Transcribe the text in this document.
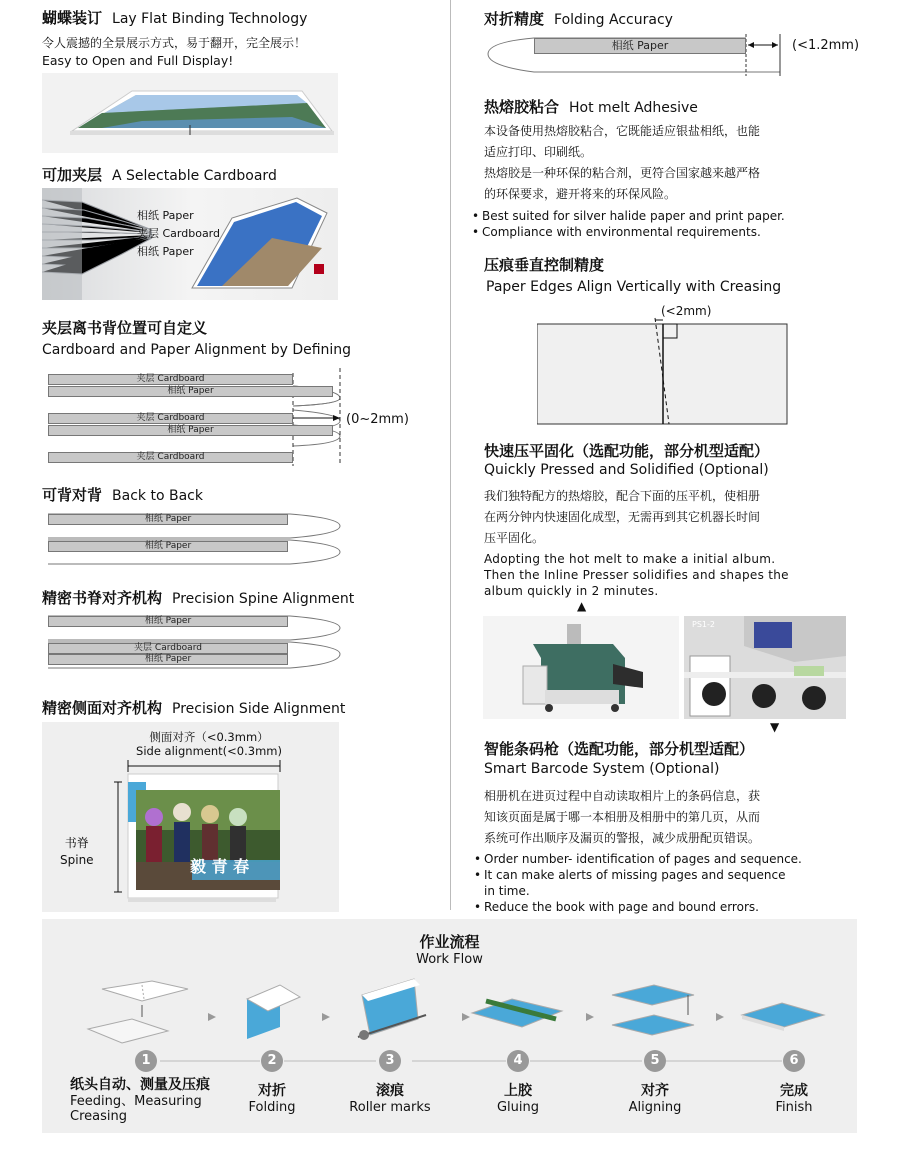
蝴蝶装订 Lay Flat Binding Technology
令人震撼的全景展示方式，易于翻开，完全展示！
Easy to Open and Full Display!
可加夹层 A Selectable Cardboard
相纸 Paper
夹层 Cardboard
相纸 Paper
夹层离书背位置可自定义
Cardboard and Paper Alignment by Defining
夹层 Cardboard
相纸 Paper
夹层 Cardboard
相纸 Paper
夹层 Cardboard
(0~2mm)
可背对背 Back to Back
相纸 Paper
相纸 Paper
精密书脊对齐机构 Precision Spine Alignment
相纸 Paper
夹层 Cardboard
相纸 Paper
精密侧面对齐机构 Precision Side Alignment
侧面对齐（<0.3mm）
Side alignment(<0.3mm)
毅 青 春
书脊
Spine
对折精度 Folding Accuracy
相纸 Paper	(<1.2mm)
热熔胶粘合 Hot melt Adhesive
本设备使用热熔胶粘合，它既能适应银盐相纸，也能
适应打印、印刷纸。
热熔胶是一种环保的粘合剂，更符合国家越来越严格
的环保要求，避开将来的环保风险。
• Best suited for silver halide paper and print paper.
• Compliance with environmental requirements.
压痕垂直控制精度
Paper Edges Align Vertically with Creasing
(<2mm)
快速压平固化（选配功能，部分机型适配）
Quickly Pressed and Solidified (Optional)
我们独特配方的热熔胶，配合下面的压平机，使相册
在两分钟内快速固化成型，无需再到其它机器长时间
压平固化。
Adopting the hot melt to make a initial album.
Then the Inline Presser solidifies and shapes the
album quickly in 2 minutes.
▲
PS1-2
▼
智能条码枪（选配功能，部分机型适配）
Smart Barcode System (Optional)
相册机在进页过程中自动读取相片上的条码信息，获
知该页面是属于哪一本相册及相册中的第几页，从而
系统可作出顺序及漏页的警报，减少成册配页错误。
• Order number- identification of pages and sequence.
• It can make alerts of missing pages and sequence
in time.
• Reduce the book with page and bound errors.
作业流程
Work Flow
1	2	3	4	5	6
纸头自动、测量及压痕
Feeding、Measuring
Creasing
对折
Folding
滚痕
Roller marks
上胶
Gluing
对齐
Aligning
完成
Finish
